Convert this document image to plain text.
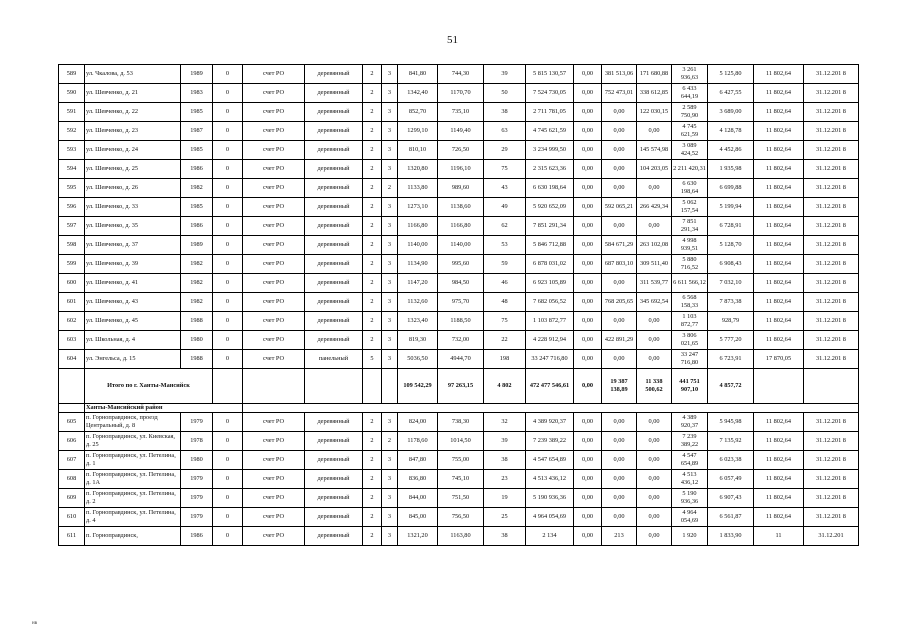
51
589	ул. Чкалова, д. 53	1989	0	счет РО	деревянный	2	3	841,80	744,30	39	5 815 130,57	0,00	381 513,06	171 680,88	3 261 936,63	5 125,80	11 802,64	31.12.201 8
590	ул. Шевченко, д. 21	1983	0	счет РО	деревянный	2	3	1342,40	1170,70	50	7 524 730,05	0,00	752 473,01	338 612,85	6 433 644,19	6 427,55	11 802,64	31.12.201 8
591	ул. Шевченко, д. 22	1985	0	счет РО	деревянный	2	3	852,70	735,10	38	2 711 781,05	0,00	0,00	122 030,15	2 589 750,90	3 689,00	11 802,64	31.12.201 8
592	ул. Шевченко, д. 23	1987	0	счет РО	деревянный	2	3	1299,10	1149,40	63	4 745 621,59	0,00	0,00	0,00	4 745 621,59	4 128,78	11 802,64	31.12.201 8
593	ул. Шевченко, д. 24	1985	0	счет РО	деревянный	2	3	810,10	726,50	29	3 234 999,50	0,00	0,00	145 574,98	3 089 424,52	4 452,86	11 802,64	31.12.201 8
594	ул. Шевченко, д. 25	1986	0	счет РО	деревянный	2	3	1320,80	1196,10	75	2 315 623,36	0,00	0,00	104 203,05	2 211 420,31	1 935,98	11 802,64	31.12.201 8
595	ул. Шевченко, д. 26	1982	0	счет РО	деревянный	2	2	1133,80	989,60	43	6 630 198,64	0,00	0,00	0,00	6 630 198,64	6 699,88	11 802,64	31.12.201 8
596	ул. Шевченко, д. 33	1985	0	счет РО	деревянный	2	3	1273,10	1138,60	49	5 920 652,09	0,00	592 065,21	266 429,34	5 062 157,54	5 199,94	11 802,64	31.12.201 8
597	ул. Шевченко, д. 35	1986	0	счет РО	деревянный	2	3	1166,80	1166,80	62	7 851 291,34	0,00	0,00	0,00	7 851 291,34	6 728,91	11 802,64	31.12.201 8
598	ул. Шевченко, д. 37	1989	0	счет РО	деревянный	2	3	1140,00	1140,00	53	5 846 712,88	0,00	584 671,29	263 102,08	4 998 939,51	5 128,70	11 802,64	31.12.201 8
599	ул. Шевченко, д. 39	1982	0	счет РО	деревянный	2	3	1134,90	995,60	59	6 878 031,02	0,00	687 803,10	309 511,40	5 880 716,52	6 908,43	11 802,64	31.12.201 8
600	ул. Шевченко, д. 41	1982	0	счет РО	деревянный	2	3	1147,20	984,50	46	6 923 105,89	0,00	0,00	311 539,77	6 611 566,12	7 032,10	11 802,64	31.12.201 8
601	ул. Шевченко, д. 43	1982	0	счет РО	деревянный	2	3	1132,60	975,70	48	7 682 056,52	0,00	768 205,65	345 692,54	6 568 158,33	7 873,38	11 802,64	31.12.201 8
602	ул. Шевченко, д. 45	1988	0	счет РО	деревянный	2	3	1323,40	1188,50	75	1 103 872,77	0,00	0,00	0,00	1 103 872,77	928,79	11 802,64	31.12.201 8
603	ул. Школьная, д. 4	1980	0	счет РО	деревянный	2	3	819,30	732,00	22	4 228 912,94	0,00	422 891,29	0,00	3 806 021,65	5 777,20	11 802,64	31.12.201 8
604	ул. Энгельса, д. 15	1988	0	счет РО	панельный	5	3	5036,50	4944,70	198	33 247 716,80	0,00	0,00	0,00	33 247 716,80	6 723,91	17 870,05	31.12.201 8
	Итого по г. Ханты-Мансийск							109 542,29	97 263,15	4 802	472 477 546,61	0,00	19 387 138,89	11 338 500,62	441 751 907,10	4 857,72		
	Ханты-Мансийский район																	
605	п. Горноправдинск, проезд Центральный, д. 8	1979	0	счет РО	деревянный	2	3	824,00	738,30	32	4 389 920,37	0,00	0,00	0,00	4 389 920,37	5 945,98	11 802,64	31.12.201 8
606	п. Горноправдинск, ул. Киевская, д. 25	1978	0	счет РО	деревянный	2	2	1178,60	1014,50	39	7 239 389,22	0,00	0,00	0,00	7 239 389,22	7 135,92	11 802,64	31.12.201 8
607	п. Горноправдинск, ул. Петелина, д. 1	1980	0	счет РО	деревянный	2	3	847,80	755,00	38	4 547 654,89	0,00	0,00	0,00	4 547 654,89	6 023,38	11 802,64	31.12.201 8
608	п. Горноправдинск, ул. Петелина, д. 1А	1979	0	счет РО	деревянный	2	3	836,80	745,10	23	4 513 436,12	0,00	0,00	0,00	4 513 436,12	6 057,49	11 802,64	31.12.201 8
609	п. Горноправдинск, ул. Петелина, д. 2	1979	0	счет РО	деревянный	2	3	844,00	751,50	19	5 190 936,36	0,00	0,00	0,00	5 190 936,36	6 907,43	11 802,64	31.12.201 8
610	п. Горноправдинск, ул. Петелина, д. 4	1979	0	счет РО	деревянный	2	3	845,00	756,50	25	4 964 054,69	0,00	0,00	0,00	4 964 054,69	6 561,87	11 802,64	31.12.201 8
611	п. Горноправдинск,	1986	0	счет РО	деревянный	2	3	1321,20	1163,80	38	2 134	0,00	213	0,00	1 920	1 833,90	11	31.12.201
нв
